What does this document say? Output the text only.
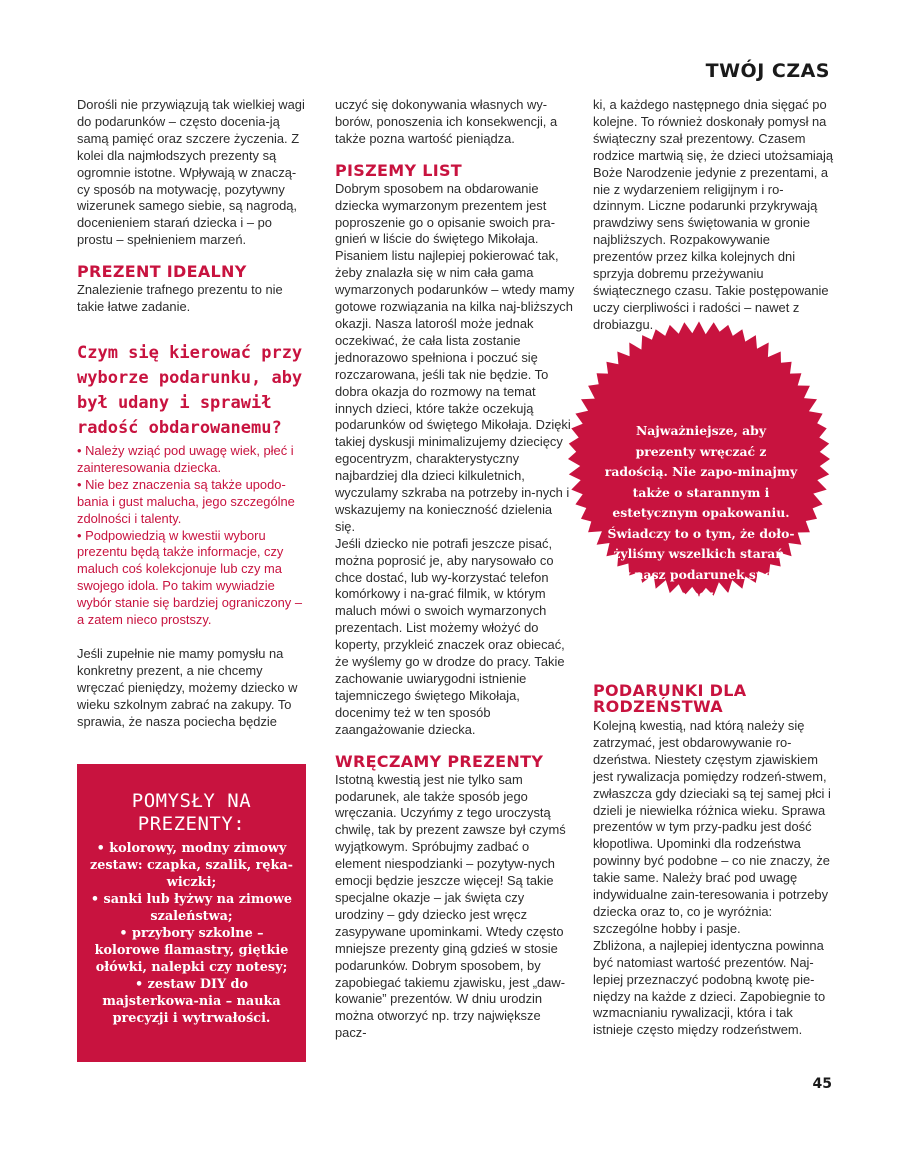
TWÓJ CZAS

Dorośli nie przywiązują tak wielkiej wagi do podarunków – często docenia-ją samą pamięć oraz szczere życzenia. Z kolei dla najmłodszych prezenty są ogromnie istotne. Wpływają w znaczą-cy sposób na motywację, pozytywny wizerunek samego siebie, są nagrodą, docenieniem starań dziecka i – po prostu – spełnieniem marzeń.

PREZENT IDEALNY

Znalezienie trafnego prezentu to nie takie łatwe zadanie.

Czym się kierować przy wyborze podarunku, aby był udany i sprawił radość obdarowanemu?

• Należy wziąć pod uwagę wiek, płeć i zainteresowania dziecka.

• Nie bez znaczenia są także upodo-bania i gust malucha, jego szczególne zdolności i talenty.

• Podpowiedzią w kwestii wyboru prezentu będą także informacje, czy maluch coś kolekcjonuje lub czy ma swojego idola. Po takim wywiadzie wybór stanie się bardziej ograniczony – a zatem nieco prostszy.

Jeśli zupełnie nie mamy pomysłu na konkretny prezent, a nie chcemy wręczać pieniędzy, możemy dziecko w wieku szkolnym zabrać na zakupy. To sprawia, że nasza pociecha będzie

POMYSŁY NA PREZENTY:

• kolorowy, modny zimowy zestaw: czapka, szalik, ręka-wiczki;

• sanki lub łyżwy na zimowe szaleństwa;

• przybory szkolne – kolorowe flamastry, giętkie ołówki, nalepki czy notesy;

• zestaw DIY do majsterkowa-nia – nauka precyzji i wytrwałości.

uczyć się dokonywania własnych wy-borów, ponoszenia ich konsekwencji, a także pozna wartość pieniądza.

PISZEMY LIST

Dobrym sposobem na obdarowanie dziecka wymarzonym prezentem jest poproszenie go o opisanie swoich pra-gnień w liście do świętego Mikołaja. Pisaniem listu najlepiej pokierować tak, żeby znalazła się w nim cała gama wymarzonych podarunków – wtedy mamy gotowe rozwiązania na kilka naj-bliższych okazji. Nasza latorośl może jednak oczekiwać, że cała lista zostanie jednorazowo spełniona i poczuć się rozczarowana, jeśli tak nie będzie. To dobra okazja do rozmowy na temat innych dzieci, które także oczekują podarunków od świętego Mikołaja. Dzięki takiej dyskusji minimalizujemy dziecięcy egocentryzm, charakterystyczny najbardziej dla dzieci kilkuletnich, wyczulamy szkraba na potrzeby in-nych i wskazujemy na konieczność dzielenia się.

Jeśli dziecko nie potrafi jeszcze pisać, można poprosić je, aby narysowało co chce dostać, lub wy-korzystać telefon komórkowy i na-grać filmik, w którym maluch mówi o swoich wymarzonych prezentach. List możemy włożyć do koperty, przykleić znaczek oraz obiecać, że wyślemy go w drodze do pracy. Takie zachowanie uwiarygodni istnienie tajemniczego świętego Mikołaja, docenimy też w ten sposób zaangażowanie dziecka.

WRĘCZAMY PREZENTY

Istotną kwestią jest nie tylko sam podarunek, ale także sposób jego wręczania. Uczyńmy z tego uroczystą chwilę, tak by prezent zawsze był czymś wyjątkowym. Spróbujmy zadbać o element niespodzianki – pozytyw-nych emocji będzie jeszcze więcej! Są takie specjalne okazje – jak święta czy urodziny – gdy dziecko jest wręcz zasypywane upominkami. Wtedy często mniejsze prezenty giną gdzieś w stosie podarunków. Dobrym sposobem, by zapobiegać takiemu zjawisku, jest „daw-kowanie” prezentów. W dniu urodzin można otworzyć np. trzy największe pacz-

ki, a każdego następnego dnia sięgać po kolejne. To również doskonały pomysł na świąteczny szał prezentowy. Czasem rodzice martwią się, że dzieci utożsamiają Boże Narodzenie jedynie z prezentami, a nie z wydarzeniem religijnym i ro-dzinnym. Liczne podarunki przykrywają prawdziwy sens świętowania w gronie najbliższych. Rozpakowywanie prezentów przez kilka kolejnych dni sprzyja dobremu przeżywaniu świątecznego czasu. Takie postępowanie uczy cierpliwości i radości – nawet z drobiazgu.

Najważniejsze, aby prezenty wręczać z radością. Nie zapo-minajmy także o starannym i estetycznym opakowaniu. Świadczy to o tym, że doło-żyliśmy wszelkich starań, aby nasz podarunek spełnił dziecięce oczekiwania.
PODARUNKI DLA RODZEŃSTWA

Kolejną kwestią, nad którą należy się zatrzymać, jest obdarowywanie ro-dzeństwa. Niestety częstym zjawiskiem jest rywalizacja pomiędzy rodzeń-stwem, zwłaszcza gdy dzieciaki są tej samej płci i dzieli je niewielka różnica wieku. Sprawa prezentów w tym przy-padku jest dość kłopotliwa. Upominki dla rodzeństwa powinny być podobne – co nie znaczy, że takie same. Należy brać pod uwagę indywidualne zain-teresowania i potrzeby dziecka oraz to, co je wyróżnia: szczególne hobby i pasje.

Zbliżona, a najlepiej identyczna powinna być natomiast wartość prezentów. Naj-lepiej przeznaczyć podobną kwotę pie-niędzy na każde z dzieci. Zapobiegnie to wzmacnianiu rywalizacji, która i tak istnieje często między rodzeństwem.

45
